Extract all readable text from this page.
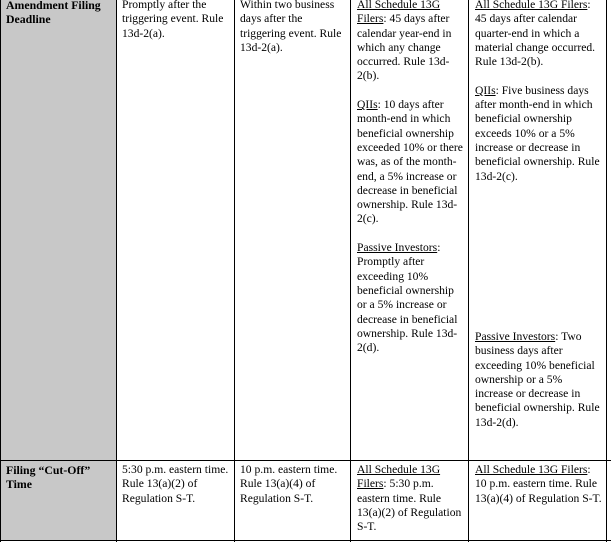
Amendment Filing Deadline
Promptly after the triggering event. Rule 13d-2(a).
Within two business days after the triggering event. Rule 13d-2(a).
All Schedule 13G Filers: 45 days after calendar year-end in which any change occurred. Rule 13d-2(b).
QIIs: 10 days after month-end in which beneficial ownership exceeded 10% or there was, as of the month-end, a 5% increase or decrease in beneficial ownership. Rule 13d-2(c).
Passive Investors: Promptly after exceeding 10% beneficial ownership or a 5% increase or decrease in beneficial ownership. Rule 13d-2(d).
All Schedule 13G Filers: 45 days after calendar quarter-end in which a material change occurred. Rule 13d-2(b).
QIIs: Five business days after month-end in which beneficial ownership exceeds 10% or a 5% increase or decrease in beneficial ownership. Rule 13d-2(c).
Passive Investors: Two business days after exceeding 10% beneficial ownership or a 5% increase or decrease in beneficial ownership. Rule 13d-2(d).
Filing “Cut-Off” Time
5:30 p.m. eastern time. Rule 13(a)(2) of Regulation S-T.
10 p.m. eastern time. Rule 13(a)(4) of Regulation S-T.
All Schedule 13G Filers: 5:30 p.m. eastern time. Rule 13(a)(2) of Regulation S-T.
All Schedule 13G Filers: 10 p.m. eastern time. Rule 13(a)(4) of Regulation S-T.
